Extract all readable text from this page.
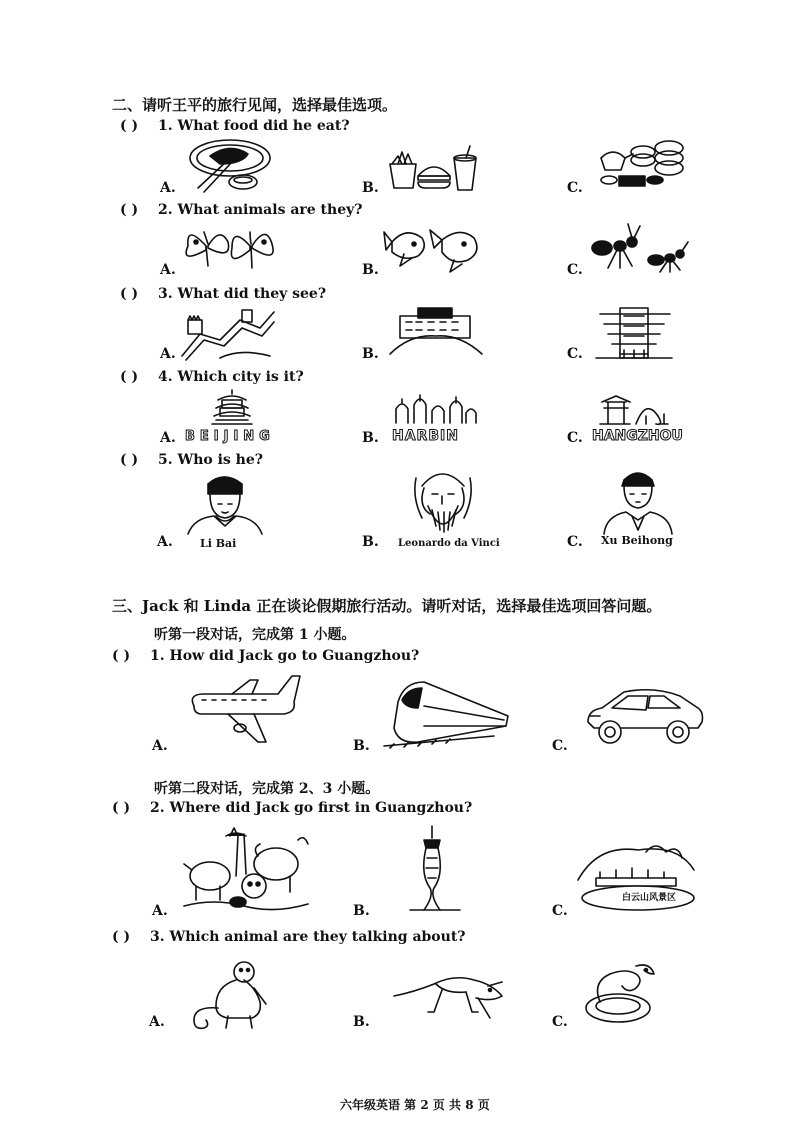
二、请听王平的旅行见闻，选择最佳选项。
( ) 1. What food did he eat?
A.	B.	C.
( ) 2. What animals are they?
A.	B.	C.
( ) 3. What did they see?
A.	B.	C.
( ) 4. Which city is it?
A.	B.	C.
BEIJING	HARBIN	HANGZHOU
( ) 5. Who is he?
A.	B.	C.
Li Bai	Leonardo da Vinci	Xu Beihong
三、Jack 和 Linda 正在谈论假期旅行活动。请听对话，选择最佳选项回答问题。
听第一段对话，完成第 1 小题。
( ) 1. How did Jack go to Guangzhou?
A.	B.	C.
听第二段对话，完成第 2、3 小题。
( ) 2. Where did Jack go first in Guangzhou?
A.	B.	C.
白云山风景区
( ) 3. Which animal are they talking about?
A.	B.	C.
六年级英语 第 2 页 共 8 页
